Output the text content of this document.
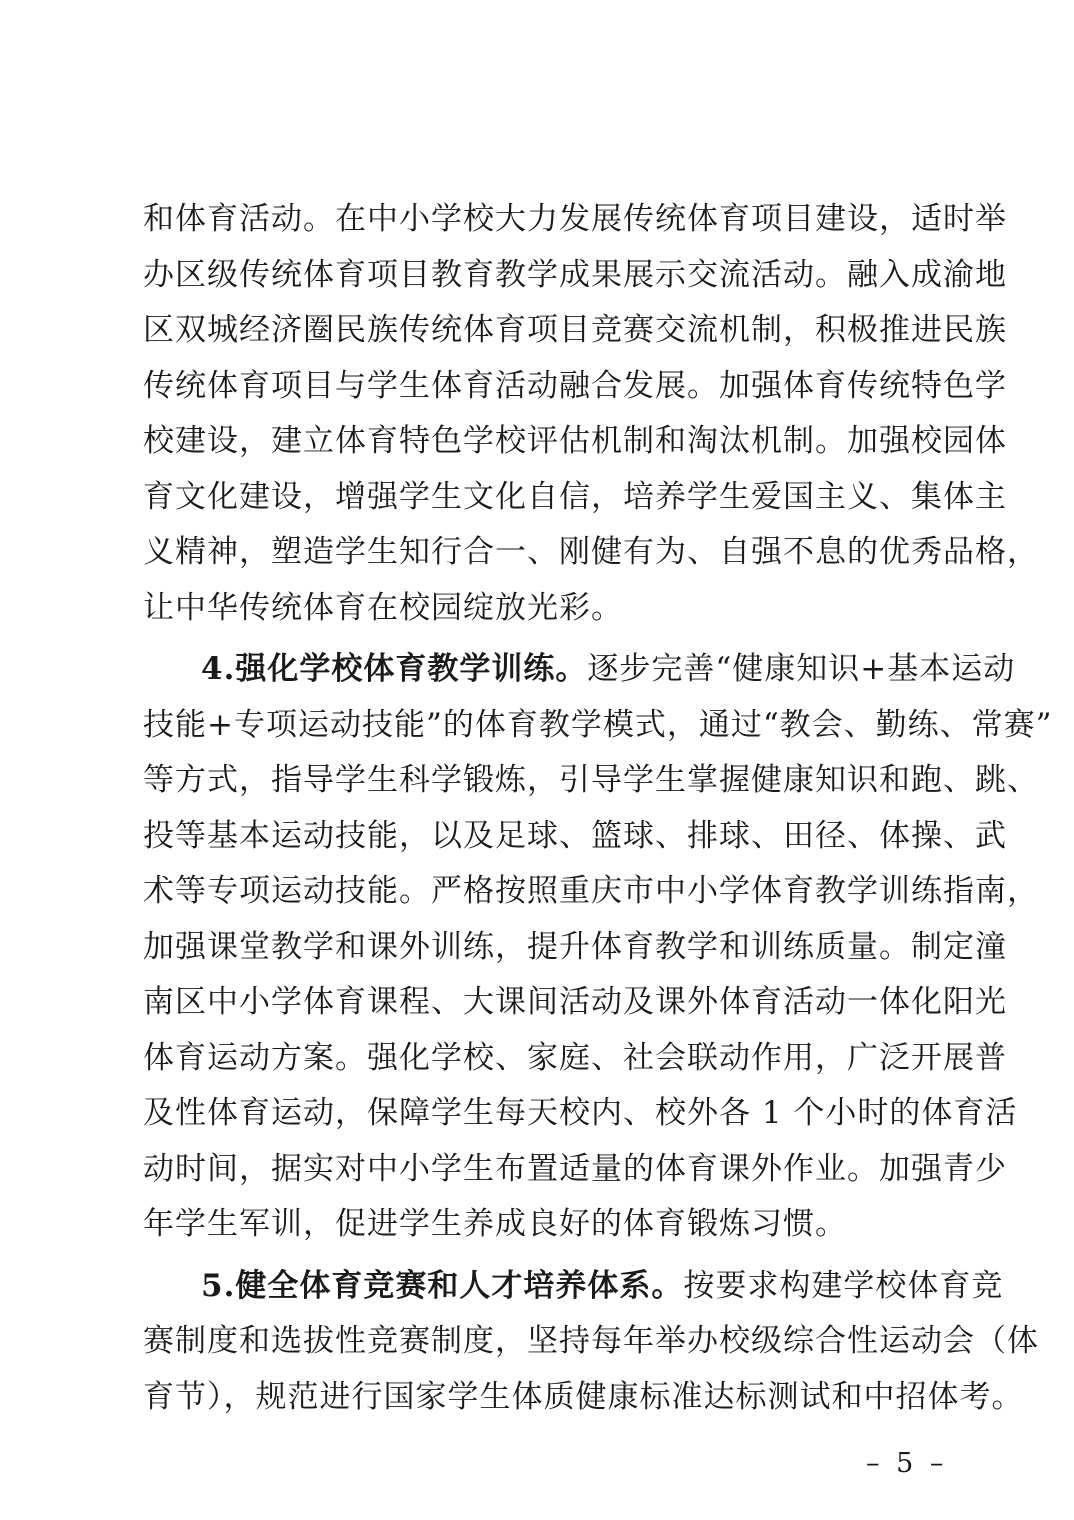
和体育活动。在中小学校大力发展传统体育项目建设，适时举
办区级传统体育项目教育教学成果展示交流活动。融入成渝地
区双城经济圈民族传统体育项目竞赛交流机制，积极推进民族
传统体育项目与学生体育活动融合发展。加强体育传统特色学
校建设，建立体育特色学校评估机制和淘汰机制。加强校园体
育文化建设，增强学生文化自信，培养学生爱国主义、集体主
义精神，塑造学生知行合一、刚健有为、自强不息的优秀品格，
让中华传统体育在校园绽放光彩。
4.强化学校体育教学训练。逐步完善“健康知识+基本运动
技能+专项运动技能”的体育教学模式，通过“教会、勤练、常赛”
等方式，指导学生科学锻炼，引导学生掌握健康知识和跑、跳、
投等基本运动技能，以及足球、篮球、排球、田径、体操、武
术等专项运动技能。严格按照重庆市中小学体育教学训练指南，
加强课堂教学和课外训练，提升体育教学和训练质量。制定潼
南区中小学体育课程、大课间活动及课外体育活动一体化阳光
体育运动方案。强化学校、家庭、社会联动作用，广泛开展普
及性体育运动，保障学生每天校内、校外各 1 个小时的体育活
动时间，据实对中小学生布置适量的体育课外作业。加强青少
年学生军训，促进学生养成良好的体育锻炼习惯。
5.健全体育竞赛和人才培养体系。按要求构建学校体育竞
赛制度和选拔性竞赛制度，坚持每年举办校级综合性运动会（体
育节），规范进行国家学生体质健康标准达标测试和中招体考。
– 5 –
